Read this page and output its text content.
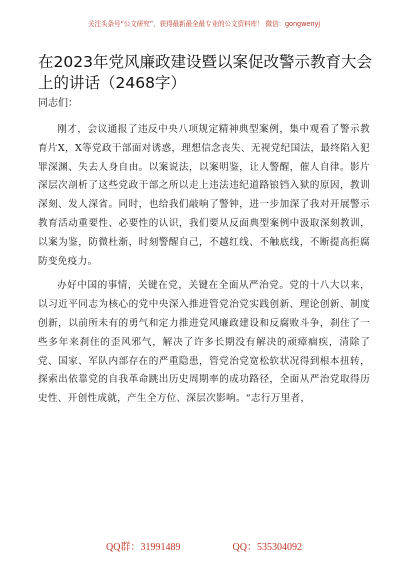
关注头条号“公文研究”，获得最新最全最专业的公文资料库！ 微信：gongwenyj
在2023年党风廉政建设暨以案促改警示教育大会上的讲话（2468字）
同志们：

刚才，会议通报了违反中央八项规定精神典型案例，集中观看了警示教育片X，X等党政干部面对诱惑，理想信念丧失、无视党纪国法，最终陷入犯罪深渊、失去人身自由。以案说法，以案明鉴，让人警醒，催人自律。影片深层次剖析了这些党政干部之所以走上违法违纪道路锒铛入狱的原因，教训深刻、发人深省。同时，也给我们敲响了警钟，进一步加深了我对开展警示教育活动重要性、必要性的认识，我们要从反面典型案例中汲取深刻教训，以案为鉴，防微杜渐，时刻警醒自己，不越红线、不触底线，不断提高拒腐防变免疫力。

办好中国的事情，关键在党，关键在全面从严治党。党的十八大以来，以习近平同志为核心的党中央深入推进管党治党实践创新、理论创新、制度创新，以前所未有的勇气和定力推进党风廉政建设和反腐败斗争，刹住了一些多年来刹住的歪风邪气，解决了许多长期没有解决的顽瘴痼疾，清除了党、国家、军队内部存在的严重隐患，管党治党宽松软状况得到根本扭转，探索出依靠党的自我革命跳出历史周期率的成功路径，全面从严治党取得历史性、开创性成就，产生全方位、深层次影响。“志行万里者，

QQ群：31991489	QQ：535304092
